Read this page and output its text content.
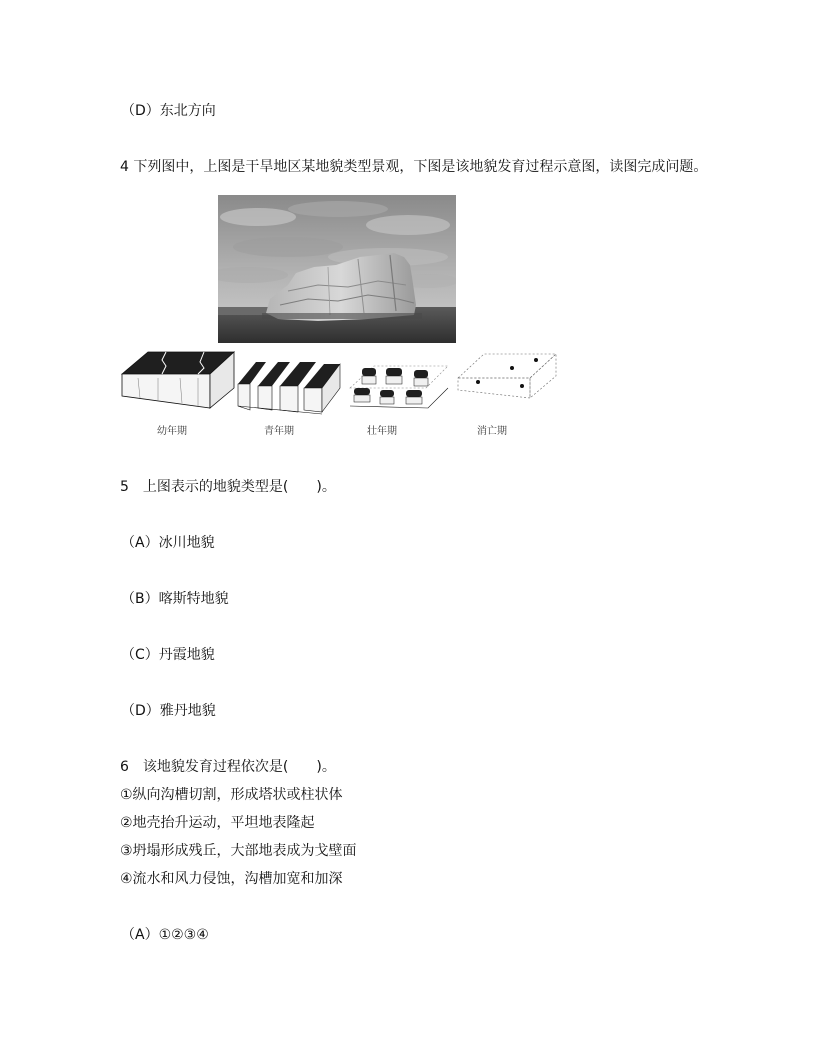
（D）东北方向
4 下列图中，上图是干旱地区某地貌类型景观，下图是该地貌发育过程示意图，读图完成问题。
幼年期	青年期	壮年期	消亡期
5　上图表示的地貌类型是(　　)。
（A）冰川地貌
（B）喀斯特地貌
（C）丹霞地貌
（D）雅丹地貌
6　该地貌发育过程依次是(　　)。
①纵向沟槽切割，形成塔状或柱状体
②地壳抬升运动，平坦地表隆起
③坍塌形成残丘，大部地表成为戈壁面
④流水和风力侵蚀，沟槽加宽和加深
（A）①②③④
